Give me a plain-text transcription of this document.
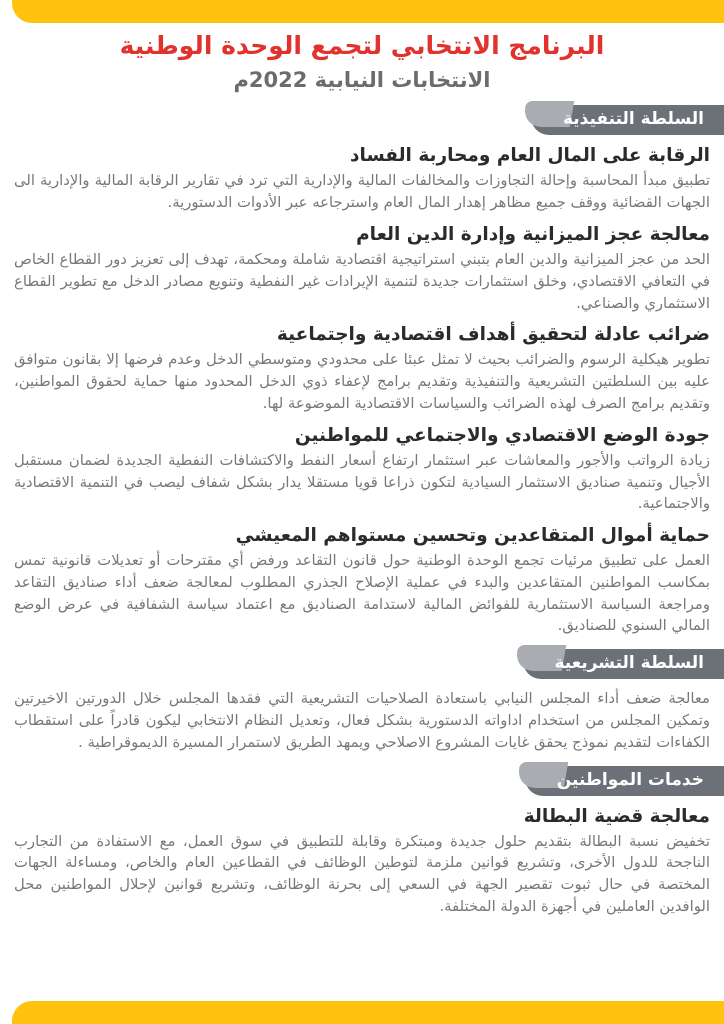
البرنامج الانتخابي لتجمع الوحدة الوطنية
الانتخابات النيابية 2022م
السلطة التنفيذية
الرقابة على المال العام ومحاربة الفساد

تطبيق مبدأ المحاسبة وإحالة التجاوزات والمخالفات المالية والإدارية التي ترد في تقارير الرقابة المالية والإدارية الى الجهات القضائية ووقف جميع مظاهر إهدار المال العام واسترجاعه عبر الأدوات الدستورية.

معالجة عجز الميزانية وإدارة الدين العام

الحد من عجز الميزانية والدين العام بتبني استراتيجية اقتصادية شاملة ومحكمة، تهدف إلى تعزيز دور القطاع الخاص في التعافي الاقتصادي، وخلق استثمارات جديدة لتنمية الإيرادات غير النفطية وتنويع مصادر الدخل مع تطوير القطاع الاستثماري والصناعي.

ضرائب عادلة لتحقيق أهداف اقتصادية واجتماعية

تطوير هيكلية الرسوم والضرائب بحيث لا تمثل عبئا على محدودي ومتوسطي الدخل وعدم فرضها إلا بقانون متوافق عليه بين السلطتين التشريعية والتنفيذية وتقديم برامج لإعفاء ذوي الدخل المحدود منها حماية لحقوق المواطنين، وتقديم برامج الصرف لهذه الضرائب والسياسات الاقتصادية الموضوعة لها.

جودة الوضع الاقتصادي والاجتماعي للمواطنين

زيادة الرواتب والأجور والمعاشات عبر استثمار ارتفاع أسعار النفط والاكتشافات النفطية الجديدة لضمان مستقبل الأجيال وتنمية صناديق الاستثمار السيادية لتكون ذراعا قويا مستقلا يدار بشكل شفاف ليصب في التنمية الاقتصادية والاجتماعية.

حماية أموال المتقاعدين وتحسين مستواهم المعيشي

العمل على تطبيق مرئيات تجمع الوحدة الوطنية حول قانون التقاعد ورفض أي مقترحات أو تعديلات قانونية تمس بمكاسب المواطنين المتقاعدين والبدء في عملية الإصلاح الجذري المطلوب لمعالجة ضعف أداء صناديق التقاعد ومراجعة السياسة الاستثمارية للفوائض المالية لاستدامة الصناديق مع اعتماد سياسة الشفافية في عرض الوضع المالي السنوي للصناديق.

السلطة التشريعية

معالجة ضعف أداء المجلس النيابي باستعادة الصلاحيات التشريعية التي فقدها المجلس خلال الدورتين الاخيرتين وتمكين المجلس من استخدام اداواته الدستورية بشكل فعال، وتعديل النظام الانتخابي ليكون قادراً على استقطاب الكفاءات لتقديم نموذج يحقق غايات المشروع الاصلاحي ويمهد الطريق لاستمرار المسيرة الديموقراطية .

خدمات المواطنين
معالجة قضية البطالة

تخفيض نسبة البطالة بتقديم حلول جديدة ومبتكرة وقابلة للتطبيق في سوق العمل، مع الاستفادة من التجارب الناجحة للدول الأخرى، وتشريع قوانين ملزمة لتوطين الوظائف في القطاعين العام والخاص، ومساءلة الجهات المختصة في حال ثبوت تقصير الجهة في السعي إلى بحرنة الوظائف، وتشريع قوانين لإحلال المواطنين محل الوافدين العاملين في أجهزة الدولة المختلفة.
